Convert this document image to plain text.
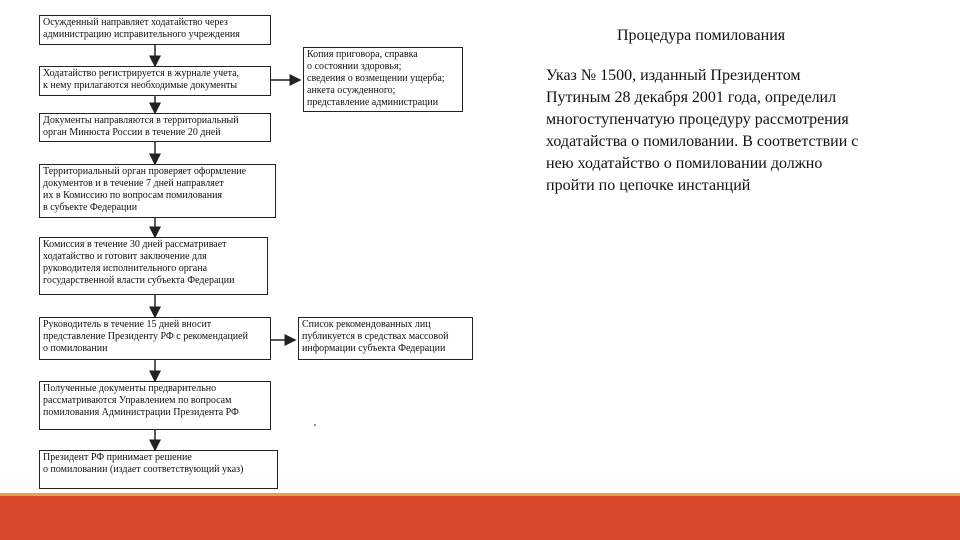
Осужденный направляет ходатайство через
администрацию исправительного учреждения
Ходатайство регистрируется в журнале учета,
к нему прилагаются необходимые документы
Документы направляются в территориальный
орган Минюста России в течение 20 дней
Территориальный орган проверяет оформление
документов и в течение 7 дней направляет
их в Комиссию по вопросам помилования
в субъекте Федерации
Комиссия в течение 30 дней рассматривает
ходатайство и готовит заключение для
руководителя исполнительного органа
государственной власти субъекта Федерации
Руководитель в течение 15 дней вносит
представление Президенту РФ с рекомендацией
о помиловании
Полученные документы предварительно
рассматриваются Управлением по вопросам
помилования Администрации Президента РФ
Президент РФ принимает решение
о помиловании (издает соответствующий указ)
Копия приговора, справка
о состоянии здоровья;
сведения о возмещении ущерба;
анкета осужденного;
представление администрации
Список рекомендованных лиц
публикуется в средствах массовой
информации субъекта Федерации
Процедура помилования
Указ № 1500, изданный Президентом
Путиным 28 декабря 2001 года, определил
многоступенчатую процедуру рассмотрения
ходатайства о помиловании. В соответствии с
нею ходатайство о помиловании должно
пройти по цепочке инстанций
